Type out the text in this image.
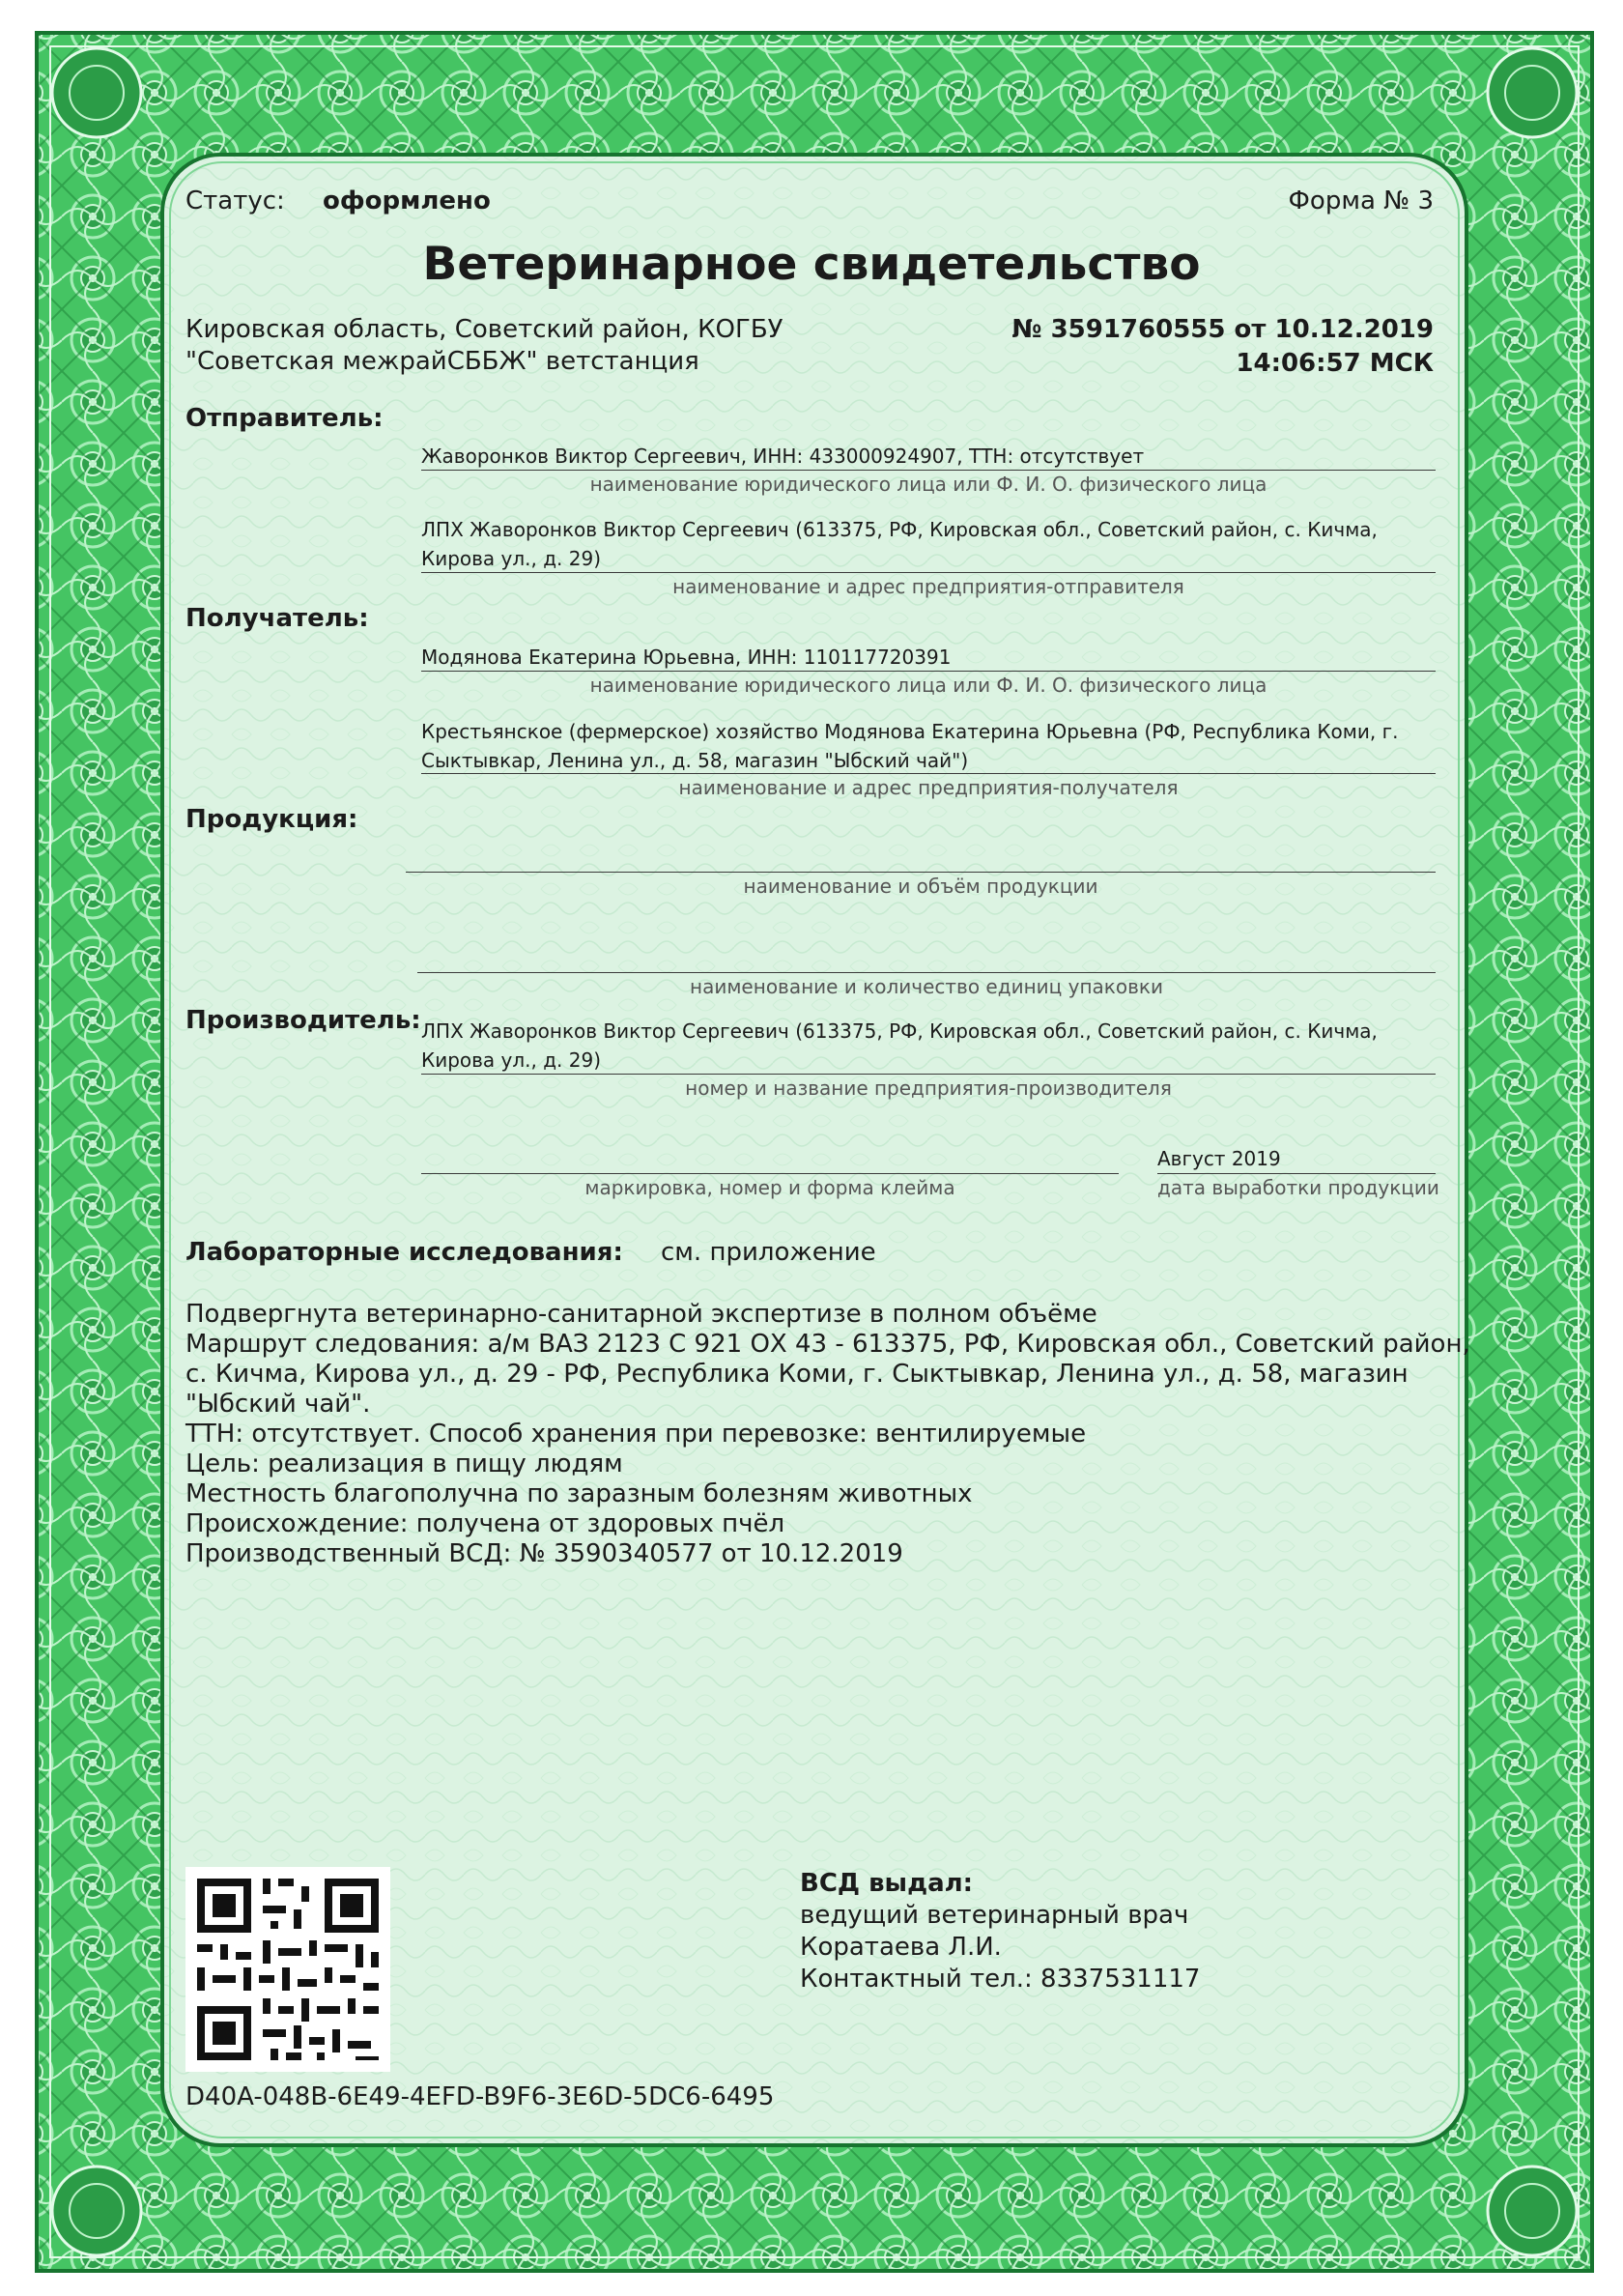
Статус: оформлено	Форма № 3
Ветеринарное свидетельство
Кировская область, Советский район, КОГБУ
"Советская межрайСББЖ" ветстанция
№ 3591760555 от 10.12.2019
14:06:57 МСК
Отправитель:
Жаворонков Виктор Сергеевич, ИНН: 433000924907, ТТН: отсутствует
наименование юридического лица или Ф. И. О. физического лица
ЛПХ Жаворонков Виктор Сергеевич (613375, РФ, Кировская обл., Советский район, с. Кичма,
Кирова ул., д. 29)
наименование и адрес предприятия-отправителя
Получатель:
Модянова Екатерина Юрьевна, ИНН: 110117720391
наименование юридического лица или Ф. И. О. физического лица
Крестьянское (фермерское) хозяйство Модянова Екатерина Юрьевна (РФ, Республика Коми, г.
Сыктывкар, Ленина ул., д. 58, магазин "Ыбский чай")
наименование и адрес предприятия-получателя
Продукция:
наименование и объём продукции
наименование и количество единиц упаковки
Производитель: ЛПХ Жаворонков Виктор Сергеевич (613375, РФ, Кировская обл., Советский район, с. Кичма,
Кирова ул., д. 29)
номер и название предприятия-производителя
маркировка, номер и форма клейма
Август 2019
дата выработки продукции
Лабораторные исследования: см. приложение
Подвергнута ветеринарно-санитарной экспертизе в полном объёме
Маршрут следования: а/м ВАЗ 2123 С 921 ОХ 43 - 613375, РФ, Кировская обл., Советский район,
с. Кичма, Кирова ул., д. 29 - РФ, Республика Коми, г. Сыктывкар, Ленина ул., д. 58, магазин
"Ыбский чай".
ТТН: отсутствует. Способ хранения при перевозке: вентилируемые
Цель: реализация в пищу людям
Местность благополучна по заразным болезням животных
Происхождение: получена от здоровых пчёл
Производственный ВСД: № 3590340577 от 10.12.2019
ВСД выдал:
ведущий ветеринарный врач
Коратаева Л.И.
Контактный тел.: 8337531117
D40A-048B-6E49-4EFD-B9F6-3E6D-5DC6-6495
